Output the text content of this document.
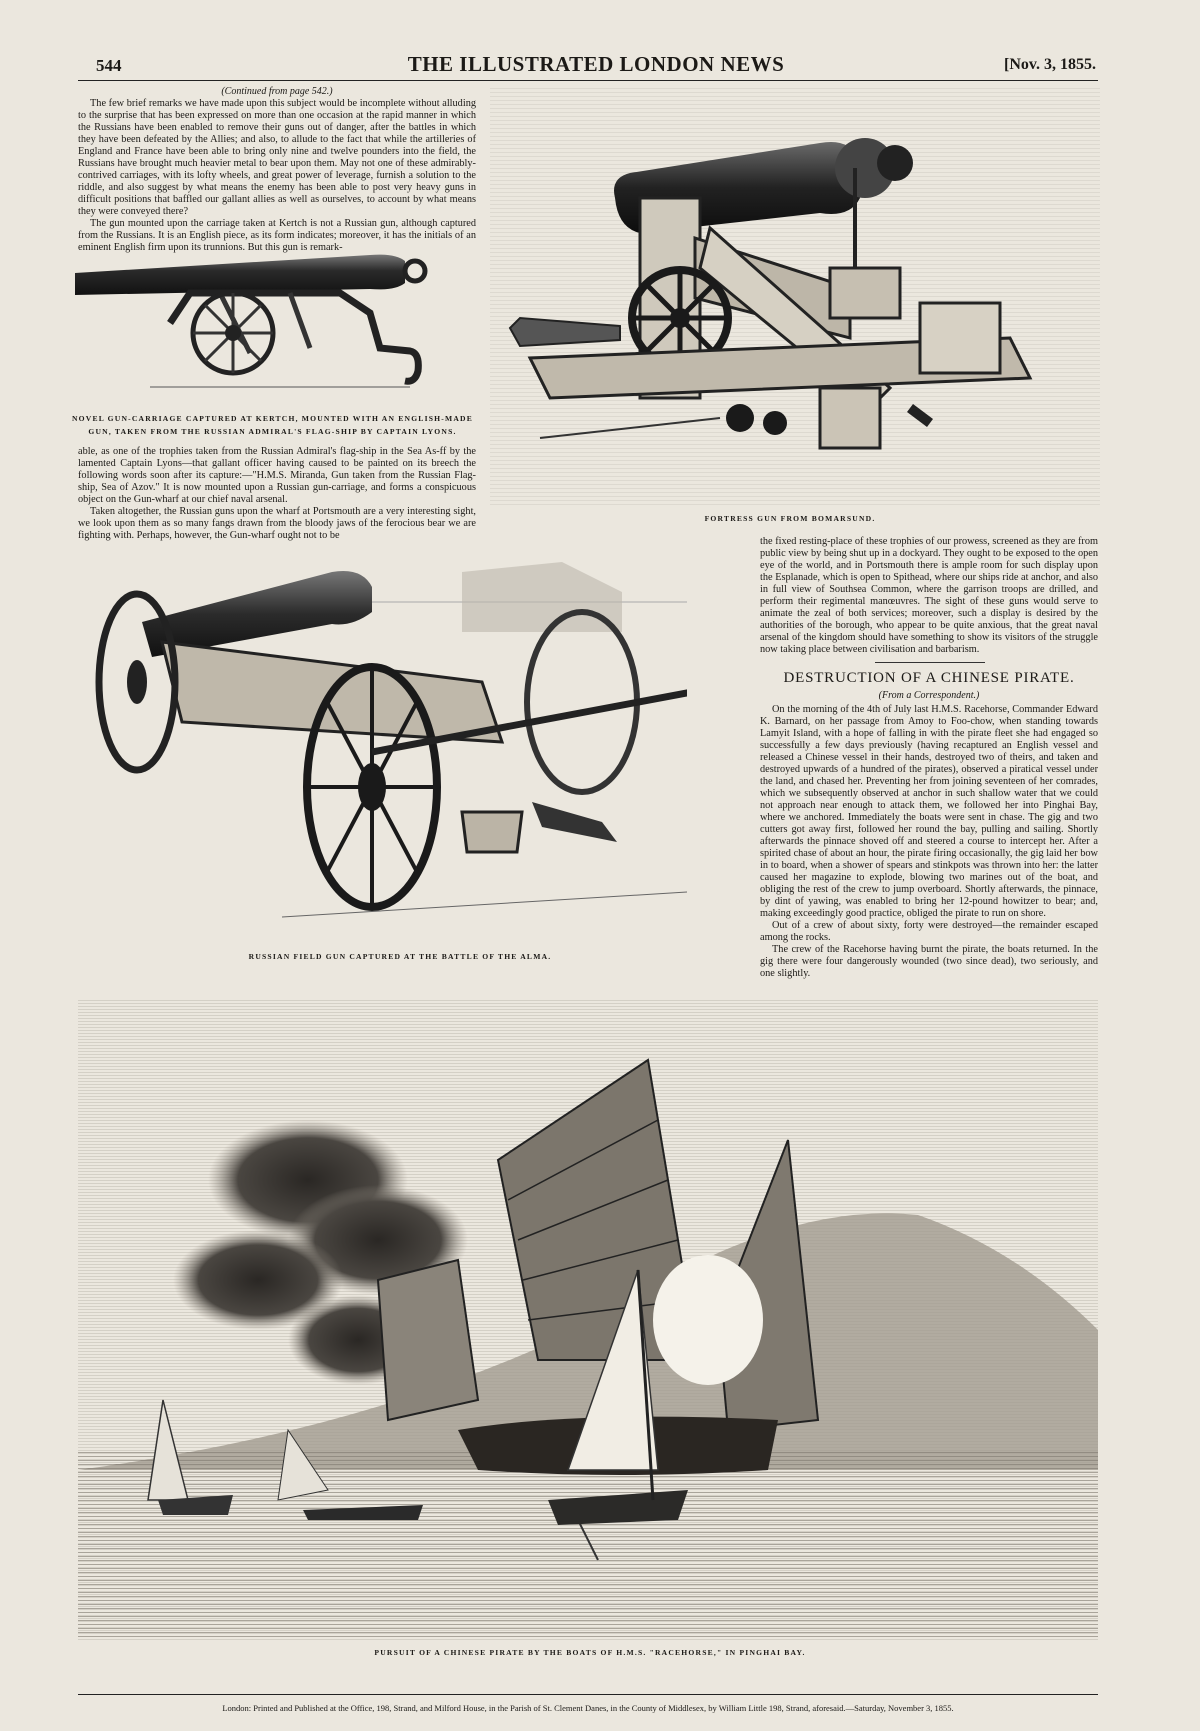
544	THE ILLUSTRATED LONDON NEWS	[Nov. 3, 1855.
(Continued from page 542.)

The few brief remarks we have made upon this subject would be incomplete without alluding to the surprise that has been expressed on more than one occasion at the rapid manner in which the Russians have been enabled to remove their guns out of danger, after the battles in which they have been defeated by the Allies; and also, to allude to the fact that while the artilleries of England and France have been able to bring only nine and twelve pounders into the field, the Russians have brought much heavier metal to bear upon them. May not one of these admirably-contrived carriages, with its lofty wheels, and great power of leverage, furnish a solution to the riddle, and also suggest by what means the enemy has been able to post very heavy guns in difficult positions that baffled our gallant allies as well as ourselves, to account by what means they were conveyed there?

The gun mounted upon the carriage taken at Kertch is not a Russian gun, although captured from the Russians. It is an English piece, as its form indicates; moreover, it has the initials of an eminent English firm upon its trunnions. But this gun is remark-

NOVEL GUN-CARRIAGE CAPTURED AT KERTCH, MOUNTED WITH AN ENGLISH-MADE
GUN, TAKEN FROM THE RUSSIAN ADMIRAL'S FLAG-SHIP BY CAPTAIN LYONS.

able, as one of the trophies taken from the Russian Admiral's flag-ship in the Sea As-ff by the lamented Captain Lyons—that gallant officer having caused to be painted on its breech the following words soon after its capture:—"H.M.S. Miranda, Gun taken from the Russian Flag-ship, Sea of Azov." It is now mounted upon a Russian gun-carriage, and forms a conspicuous object on the Gun-wharf at our chief naval arsenal.

Taken altogether, the Russian guns upon the wharf at Portsmouth are a very interesting sight, we look upon them as so many fangs drawn from the bloody jaws of the ferocious bear we are fighting with. Perhaps, however, the Gun-wharf ought not to be

FORTRESS GUN FROM BOMARSUND.
RUSSIAN FIELD GUN CAPTURED AT THE BATTLE OF THE ALMA.

the fixed resting-place of these trophies of our prowess, screened as they are from public view by being shut up in a dockyard. They ought to be exposed to the open eye of the world, and in Portsmouth there is ample room for such display upon the Esplanade, which is open to Spithead, where our ships ride at anchor, and also in full view of Southsea Common, where the garrison troops are drilled, and perform their regimental manœuvres. The sight of these guns would serve to animate the zeal of both services; moreover, such a display is desired by the authorities of the borough, who appear to be quite anxious, that the great naval arsenal of the kingdom should have something to show its visitors of the struggle now taking place between civilisation and barbarism.

DESTRUCTION OF A CHINESE PIRATE.
(From a Correspondent.)

On the morning of the 4th of July last H.M.S. Racehorse, Commander Edward K. Barnard, on her passage from Amoy to Foo-chow, when standing towards Lamyit Island, with a hope of falling in with the pirate fleet she had engaged so successfully a few days previously (having recaptured an English vessel and released a Chinese vessel in their hands, destroyed two of theirs, and taken and destroyed upwards of a hundred of the pirates), observed a piratical vessel under the land, and chased her. Preventing her from joining seventeen of her comrades, which we subsequently observed at anchor in such shallow water that we could not approach near enough to attack them, we followed her into Pinghai Bay, where we anchored. Immediately the boats were sent in chase. The gig and two cutters got away first, followed her round the bay, pulling and sailing. Shortly afterwards the pinnace shoved off and steered a course to intercept her. After a spirited chase of about an hour, the pirate firing occasionally, the gig laid her bow in to board, when a shower of spears and stinkpots was thrown into her: the latter caused her magazine to explode, blowing two marines out of the boat, and obliging the rest of the crew to jump overboard. Shortly afterwards, the pinnace, by dint of yawing, was enabled to bring her 12-pound howitzer to bear; and, making exceedingly good practice, obliged the pirate to run on shore.

Out of a crew of about sixty, forty were destroyed—the remainder escaped among the rocks.

The crew of the Racehorse having burnt the pirate, the boats returned. In the gig there were four dangerously wounded (two since dead), two seriously, and one slightly.

PURSUIT OF A CHINESE PIRATE BY THE BOATS OF H.M.S. "RACEHORSE," IN PINGHAI BAY.
London: Printed and Published at the Office, 198, Strand, and Milford House, in the Parish of St. Clement Danes, in the County of Middlesex, by William Little 198, Strand, aforesaid.—Saturday, November 3, 1855.
